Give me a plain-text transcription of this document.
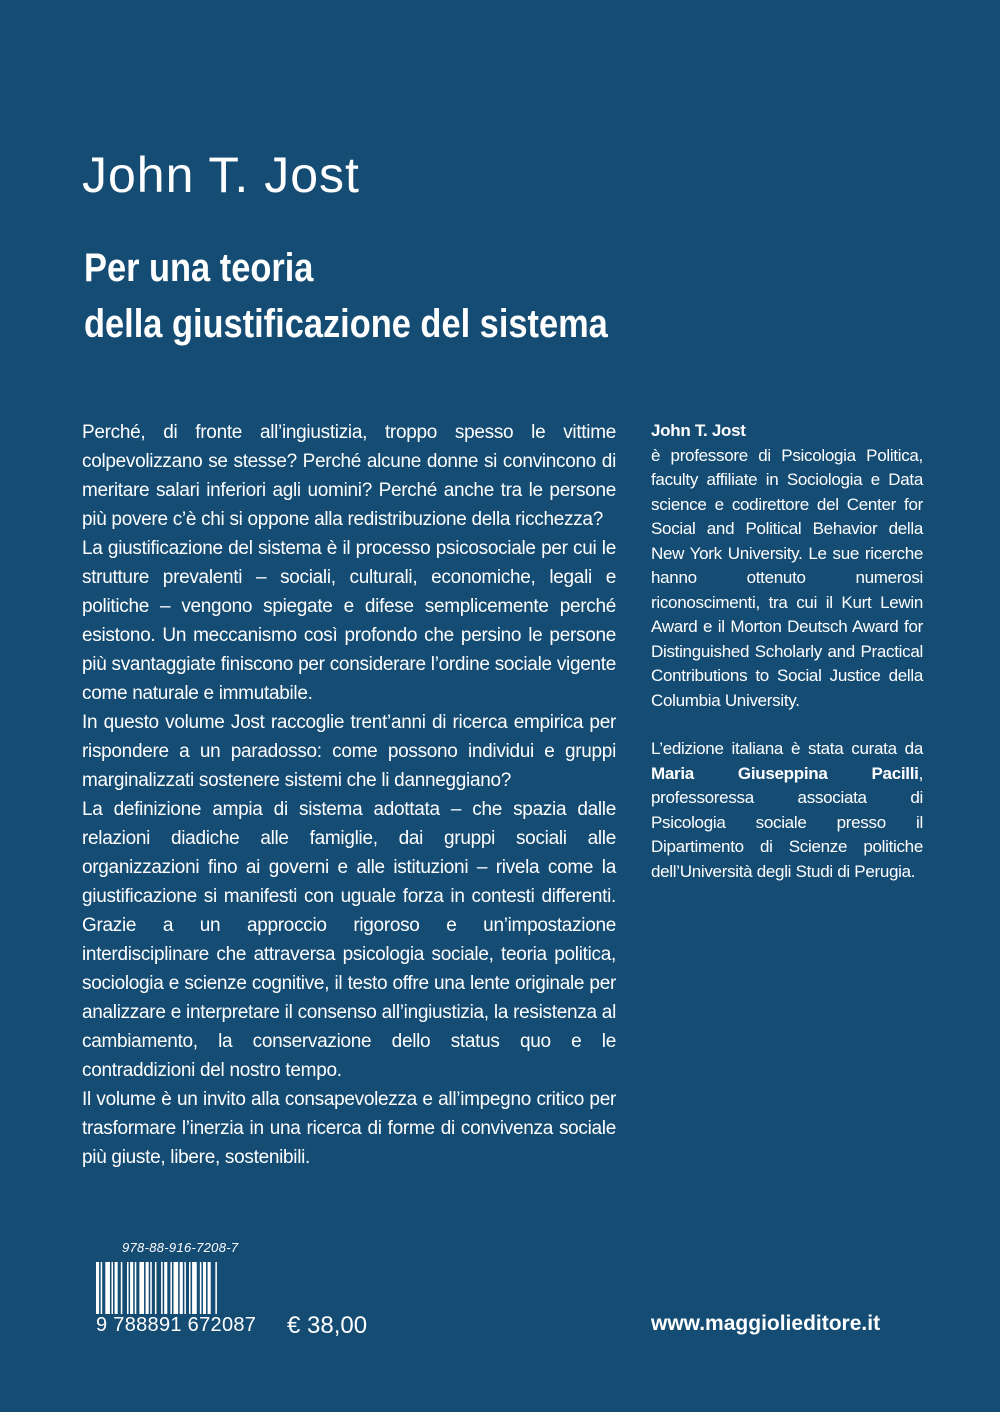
John T. Jost
Per una teoria
della giustificazione del sistema

Perché, di fronte all’ingiustizia, troppo spesso le vittime colpevolizzano se stesse? Perché alcune donne si convincono di meritare salari inferiori agli uomini? Perché anche tra le persone più povere c’è chi si oppone alla redistribuzione della ricchezza?

La giustificazione del sistema è il processo psicosociale per cui le strutture prevalenti – sociali, culturali, economiche, legali e politiche – vengono spiegate e difese semplicemente perché esistono. Un meccanismo così profondo che persino le persone più svantaggiate finiscono per considerare l’ordine sociale vigente come naturale e immutabile.

In questo volume Jost raccoglie trent’anni di ricerca empirica per rispondere a un paradosso: come possono individui e gruppi marginalizzati sostenere sistemi che li danneggiano?

La definizione ampia di sistema adottata – che spazia dalle relazioni diadiche alle famiglie, dai gruppi sociali alle organizzazioni fino ai governi e alle istituzioni – rivela come la giustificazione si manifesti con uguale forza in contesti differenti. Grazie a un approccio rigoroso e un’impostazione interdisciplinare che attraversa psicologia sociale, teoria politica, sociologia e scienze cognitive, il testo offre una lente originale per analizzare e interpretare il consenso all’ingiustizia, la resistenza al cambiamento, la conservazione dello status quo e le contraddizioni del nostro tempo.

Il volume è un invito alla consapevolezza e all’impegno critico per trasformare l’inerzia in una ricerca di forme di convivenza sociale più giuste, libere, sostenibili.

John T. Jost
è professore di Psicologia Politica, faculty affiliate in Sociologia e Data science e codirettore del Center for Social and Political Behavior della New York University. Le sue ricerche hanno ottenuto numerosi riconoscimenti, tra cui il Kurt Lewin Award e il Morton Deutsch Award for Distinguished Scholarly and Practical Contributions to Social Justice della Columbia University.

L’edizione italiana è stata curata da Maria Giuseppina Pacilli, professoressa associata di Psicologia sociale presso il Dipartimento di Scienze politiche dell’Università degli Studi di Perugia.

978-88-916-7208-7
9 788891 672087 € 38,00	www.maggiolieditore.it
